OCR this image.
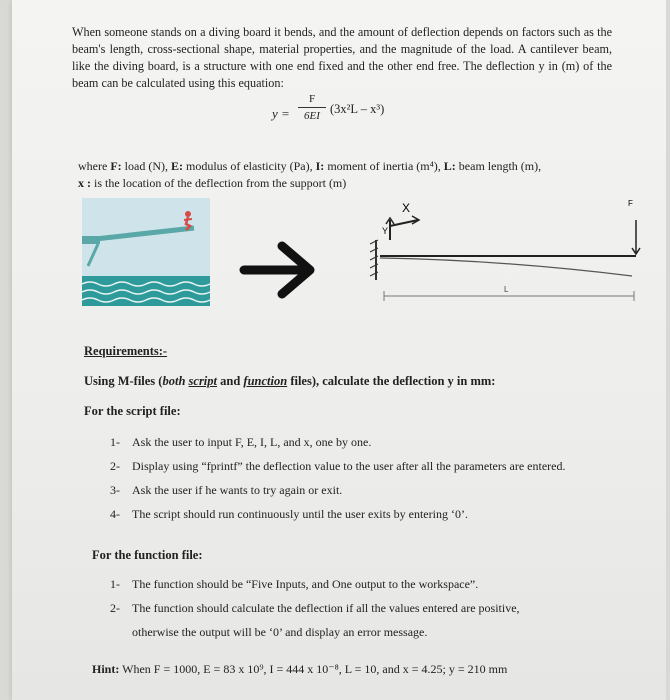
When someone stands on a diving board it bends, and the amount of deflection depends on factors such as the beam's length, cross-sectional shape, material properties, and the magnitude of the load. A cantilever beam, like the diving board, is a structure with one end fixed and the other end free. The deflection y in (m) of the beam can be calculated using this equation:

y =
F
6EI (3x²L – x³)

where F: load (N), E: modulus of elasticity (Pa), I: moment of inertia (m⁴), L: beam length (m),
x : is the location of the deflection from the support (m)

X
Y
F
L
Requirements:-
Using M-files (both script and function files), calculate the deflection y in mm:
For the script file:
1- Ask the user to input F, E, I, L, and x, one by one.
2- Display using “fprintf” the deflection value to the user after all the parameters are entered.
3- Ask the user if he wants to try again or exit.
4- The script should run continuously until the user exits by entering ‘0’.
For the function file:
1- The function should be “Five Inputs, and One output to the workspace”.
2- The function should calculate the deflection if all the values entered are positive,
otherwise the output will be ‘0’ and display an error message.
Hint: When F = 1000, E = 83 x 10⁹, I = 444 x 10⁻⁸, L = 10, and x = 4.25; y = 210 mm
